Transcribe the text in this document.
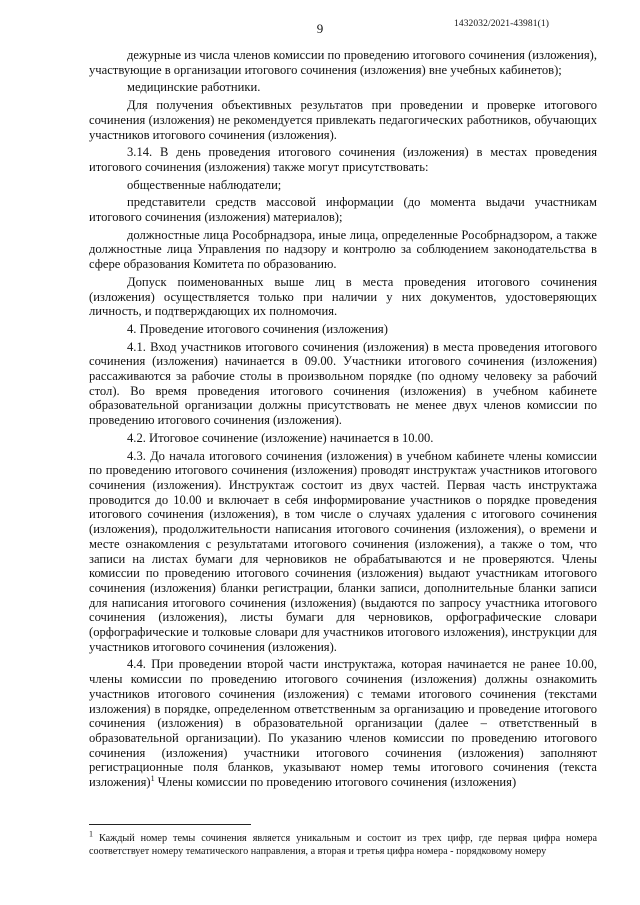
9	1432032/2021-43981(1)

дежурные из числа членов комиссии по проведению итогового сочинения (изложения), участвующие в организации итогового сочинения (изложения) вне учебных кабинетов);

медицинские работники.

Для получения объективных результатов при проведении и проверке итогового сочинения (изложения) не рекомендуется привлекать педагогических работников, обучающих участников итогового сочинения (изложения).

3.14. В день проведения итогового сочинения (изложения) в местах проведения итогового сочинения (изложения) также могут присутствовать:

общественные наблюдатели;

представители средств массовой информации (до момента выдачи участникам итогового сочинения (изложения) материалов);

должностные лица Рособрнадзора, иные лица, определенные Рособрнадзором, а также должностные лица Управления по надзору и контролю за соблюдением законодательства в сфере образования Комитета по образованию.

Допуск поименованных выше лиц в места проведения итогового сочинения (изложения) осуществляется только при наличии у них документов, удостоверяющих личность, и подтверждающих их полномочия.

4. Проведение итогового сочинения (изложения)

4.1. Вход участников итогового сочинения (изложения) в места проведения итогового сочинения (изложения) начинается в 09.00. Участники итогового сочинения (изложения) рассаживаются за рабочие столы в произвольном порядке (по одному человеку за рабочий стол). Во время проведения итогового сочинения (изложения) в учебном кабинете образовательной организации должны присутствовать не менее двух членов комиссии по проведению итогового сочинения (изложения).

4.2. Итоговое сочинение (изложение) начинается в 10.00.

4.3. До начала итогового сочинения (изложения) в учебном кабинете члены комиссии по проведению итогового сочинения (изложения) проводят инструктаж участников итогового сочинения (изложения). Инструктаж состоит из двух частей. Первая часть инструктажа проводится до 10.00 и включает в себя информирование участников о порядке проведения итогового сочинения (изложения), в том числе о случаях удаления с итогового сочинения (изложения), продолжительности написания итогового сочинения (изложения), о времени и месте ознакомления с результатами итогового сочинения (изложения), а также о том, что записи на листах бумаги для черновиков не обрабатываются и не проверяются. Члены комиссии по проведению итогового сочинения (изложения) выдают участникам итогового сочинения (изложения) бланки регистрации, бланки записи, дополнительные бланки записи для написания итогового сочинения (изложения) (выдаются по запросу участника итогового сочинения (изложения), листы бумаги для черновиков, орфографические словари (орфографические и толковые словари для участников итогового изложения), инструкции для участников итогового сочинения (изложения).

4.4. При проведении второй части инструктажа, которая начинается не ранее 10.00, члены комиссии по проведению итогового сочинения (изложения) должны ознакомить участников итогового сочинения (изложения) с темами итогового сочинения (текстами изложения) в порядке, определенном ответственным за организацию и проведение итогового сочинения (изложения) в образовательной организации (далее – ответственный в образовательной организации). По указанию членов комиссии по проведению итогового сочинения (изложения) участники итогового сочинения (изложения) заполняют регистрационные поля бланков, указывают номер темы итогового сочинения (текста изложения)$^1$ Члены комиссии по проведению итогового сочинения (изложения)

$^1$ Каждый номер темы сочинения является уникальным и состоит из трех цифр, где первая цифра номера соответствует номеру тематического направления, а вторая и третья цифра номера - порядковому номеру
